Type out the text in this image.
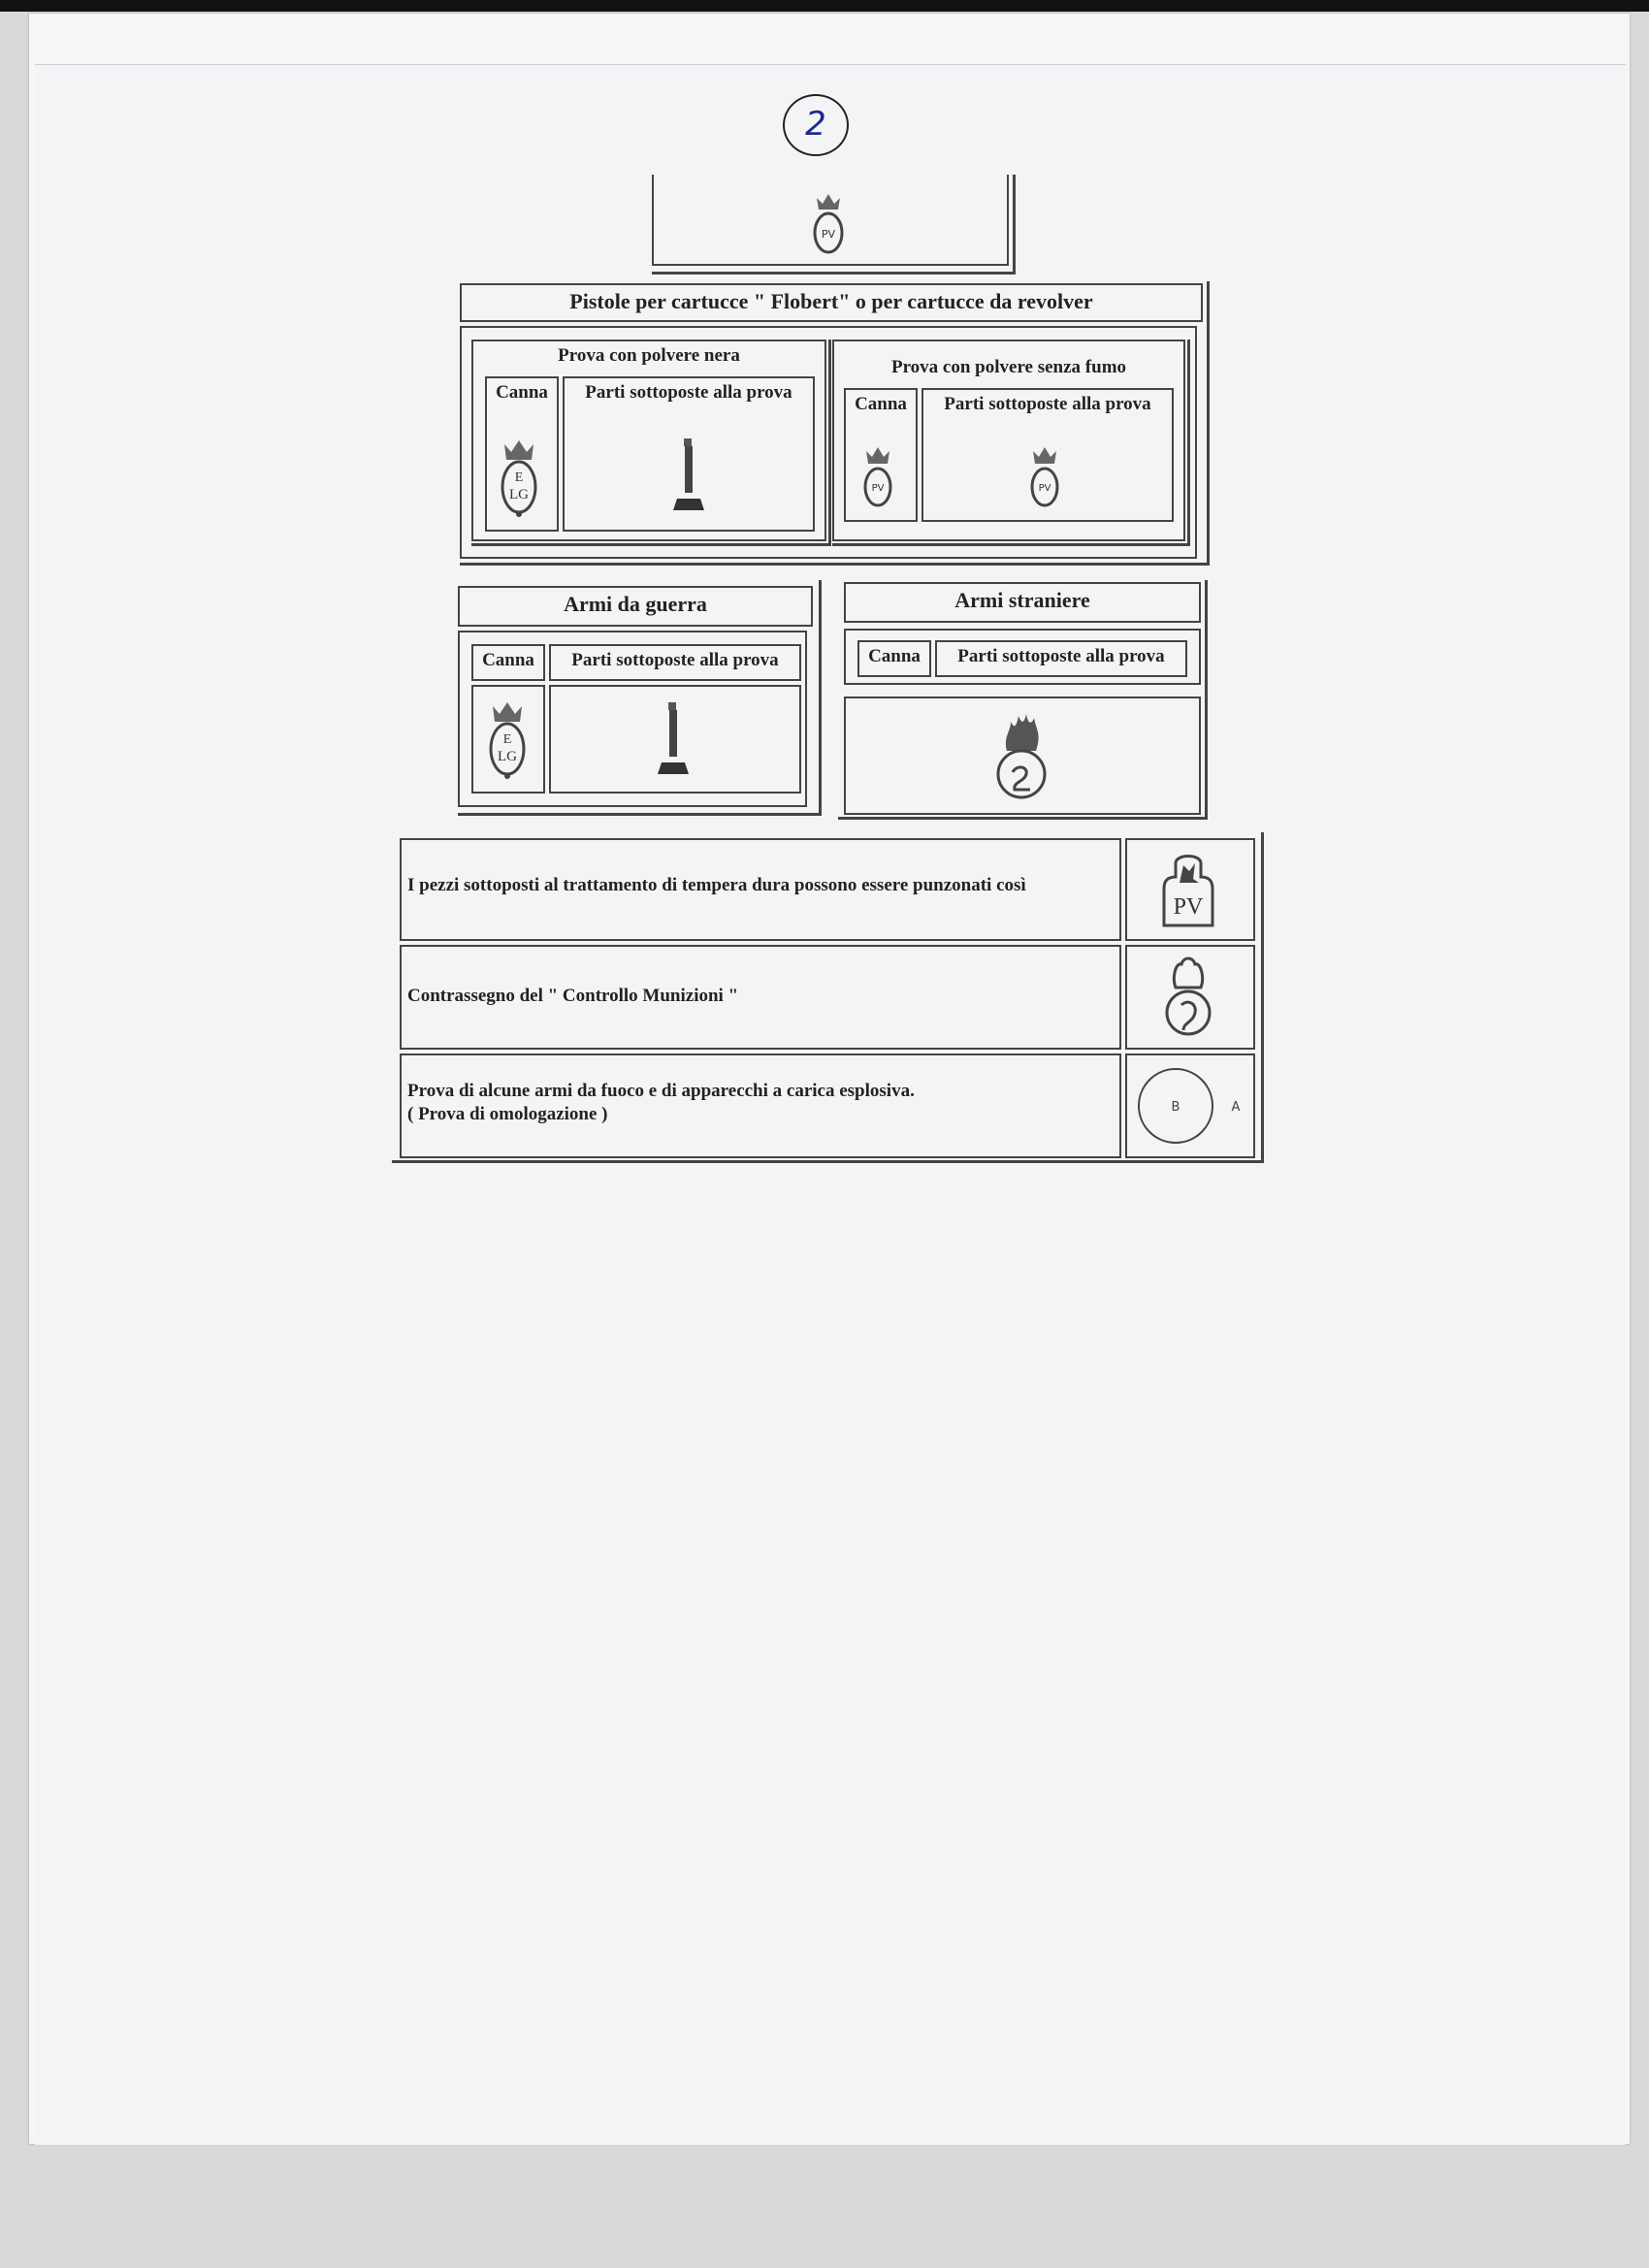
2
PV
Pistole per cartucce " Flobert" o per cartucce da revolver
Prova con polvere nera
Canna	Parti sottoposte alla prova
E
LG
Prova con polvere senza fumo
Canna	Parti sottoposte alla prova
PV	PV
Armi da guerra
Canna	Parti sottoposte alla prova
E
LG
Armi straniere
Canna	Parti sottoposte alla prova
I pezzi sottoposti al trattamento di tempera dura possono essere punzonati così
PV
Contrassegno del " Controllo Munizioni "
Prova di alcune armi da fuoco e di apparecchi a carica esplosiva.
( Prova di omologazione )	B	A
